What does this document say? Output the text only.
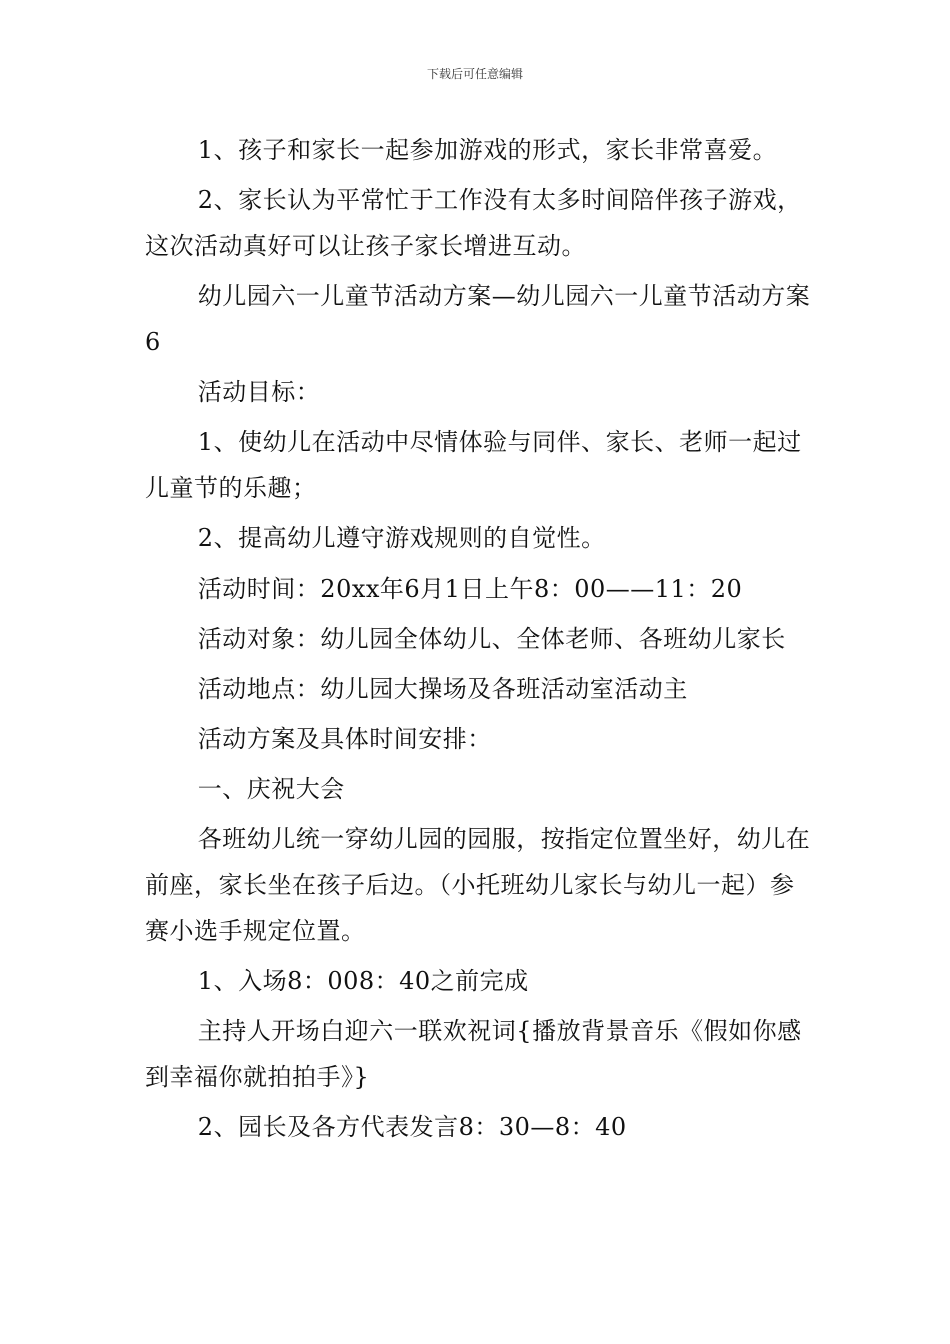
下载后可任意编辑

1、孩子和家长一起参加游戏的形式，家长非常喜爱。

2、家长认为平常忙于工作没有太多时间陪伴孩子游戏，这次活动真好可以让孩子家长增进互动。

幼儿园六一儿童节活动方案—幼儿园六一儿童节活动方案6

活动目标：

1、使幼儿在活动中尽情体验与同伴、家长、老师一起过儿童节的乐趣；

2、提高幼儿遵守游戏规则的自觉性。

活动时间：20xx年6月1日上午8：00——11：20

活动对象：幼儿园全体幼儿、全体老师、各班幼儿家长

活动地点：幼儿园大操场及各班活动室活动主

活动方案及具体时间安排：

一、庆祝大会

各班幼儿统一穿幼儿园的园服，按指定位置坐好，幼儿在前座，家长坐在孩子后边。（小托班幼儿家长与幼儿一起）参赛小选手规定位置。

1、入场8：008：40之前完成

主持人开场白迎六一联欢祝词{播放背景音乐《假如你感到幸福你就拍拍手》}

2、园长及各方代表发言8：30—8：40
